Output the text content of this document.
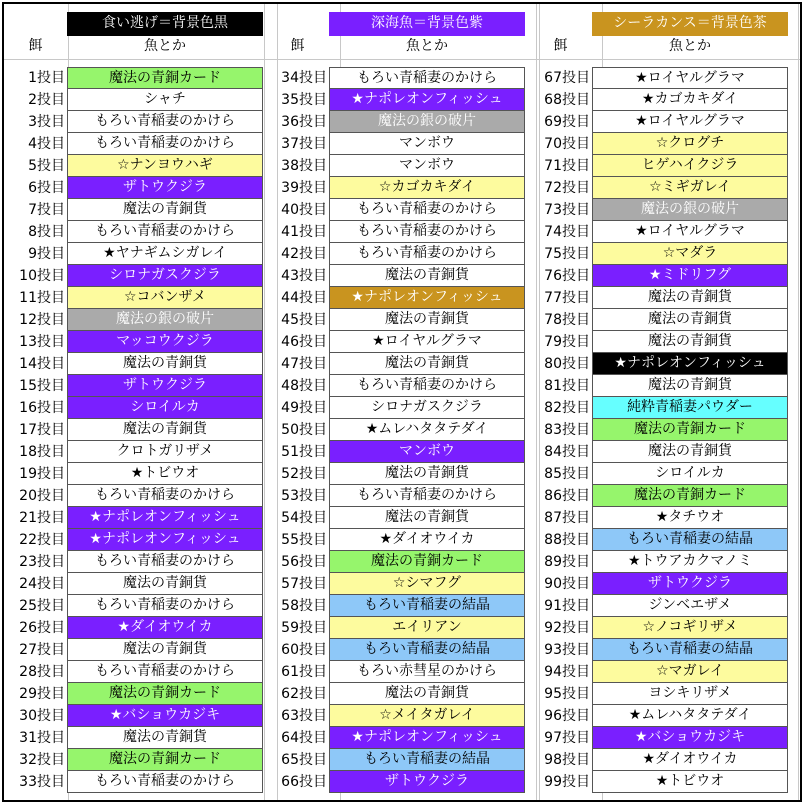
食い逃げ＝背景色黒
餌	魚とか
1投目	魔法の青銅カード
2投目	シャチ
3投目	もろい青稲妻のかけら
4投目	もろい青稲妻のかけら
5投目	☆ナンヨウハギ
6投目	ザトウクジラ
7投目	魔法の青銅貨
8投目	もろい青稲妻のかけら
9投目	★ヤナギムシガレイ
10投目	シロナガスクジラ
11投目	☆コバンザメ
12投目	魔法の銀の破片
13投目	マッコウクジラ
14投目	魔法の青銅貨
15投目	ザトウクジラ
16投目	シロイルカ
17投目	魔法の青銅貨
18投目	クロトガリザメ
19投目	★トビウオ
20投目	もろい青稲妻のかけら
21投目	★ナポレオンフィッシュ
22投目	★ナポレオンフィッシュ
23投目	もろい青稲妻のかけら
24投目	魔法の青銅貨
25投目	もろい青稲妻のかけら
26投目	★ダイオウイカ
27投目	魔法の青銅貨
28投目	もろい青稲妻のかけら
29投目	魔法の青銅カード
30投目	★バショウカジキ
31投目	魔法の青銅貨
32投目	魔法の青銅カード
33投目	もろい青稲妻のかけら
深海魚＝背景色紫
餌	魚とか
34投目	もろい青稲妻のかけら
35投目	★ナポレオンフィッシュ
36投目	魔法の銀の破片
37投目	マンボウ
38投目	マンボウ
39投目	☆カゴカキダイ
40投目	もろい青稲妻のかけら
41投目	もろい青稲妻のかけら
42投目	もろい青稲妻のかけら
43投目	魔法の青銅貨
44投目	★ナポレオンフィッシュ
45投目	魔法の青銅貨
46投目	★ロイヤルグラマ
47投目	魔法の青銅貨
48投目	もろい青稲妻のかけら
49投目	シロナガスクジラ
50投目	★ムレハタタテダイ
51投目	マンボウ
52投目	魔法の青銅貨
53投目	もろい青稲妻のかけら
54投目	魔法の青銅貨
55投目	★ダイオウイカ
56投目	魔法の青銅カード
57投目	☆シマフグ
58投目	もろい青稲妻の結晶
59投目	エイリアン
60投目	もろい青稲妻の結晶
61投目	もろい赤彗星のかけら
62投目	魔法の青銅貨
63投目	☆メイタガレイ
64投目	★ナポレオンフィッシュ
65投目	もろい青稲妻の結晶
66投目	ザトウクジラ
シーラカンス＝背景色茶
餌	魚とか
67投目	★ロイヤルグラマ
68投目	★カゴカキダイ
69投目	★ロイヤルグラマ
70投目	☆クログチ
71投目	ヒゲハイクジラ
72投目	☆ミギガレイ
73投目	魔法の銀の破片
74投目	★ロイヤルグラマ
75投目	☆マダラ
76投目	★ミドリフグ
77投目	魔法の青銅貨
78投目	魔法の青銅貨
79投目	魔法の青銅貨
80投目	★ナポレオンフィッシュ
81投目	魔法の青銅貨
82投目	純粋青稲妻パウダー
83投目	魔法の青銅カード
84投目	魔法の青銅貨
85投目	シロイルカ
86投目	魔法の青銅カード
87投目	★タチウオ
88投目	もろい青稲妻の結晶
89投目	★トウアカクマノミ
90投目	ザトウクジラ
91投目	ジンベエザメ
92投目	☆ノコギリザメ
93投目	もろい青稲妻の結晶
94投目	☆マガレイ
95投目	ヨシキリザメ
96投目	★ムレハタタテダイ
97投目	★バショウカジキ
98投目	★ダイオウイカ
99投目	★トビウオ
